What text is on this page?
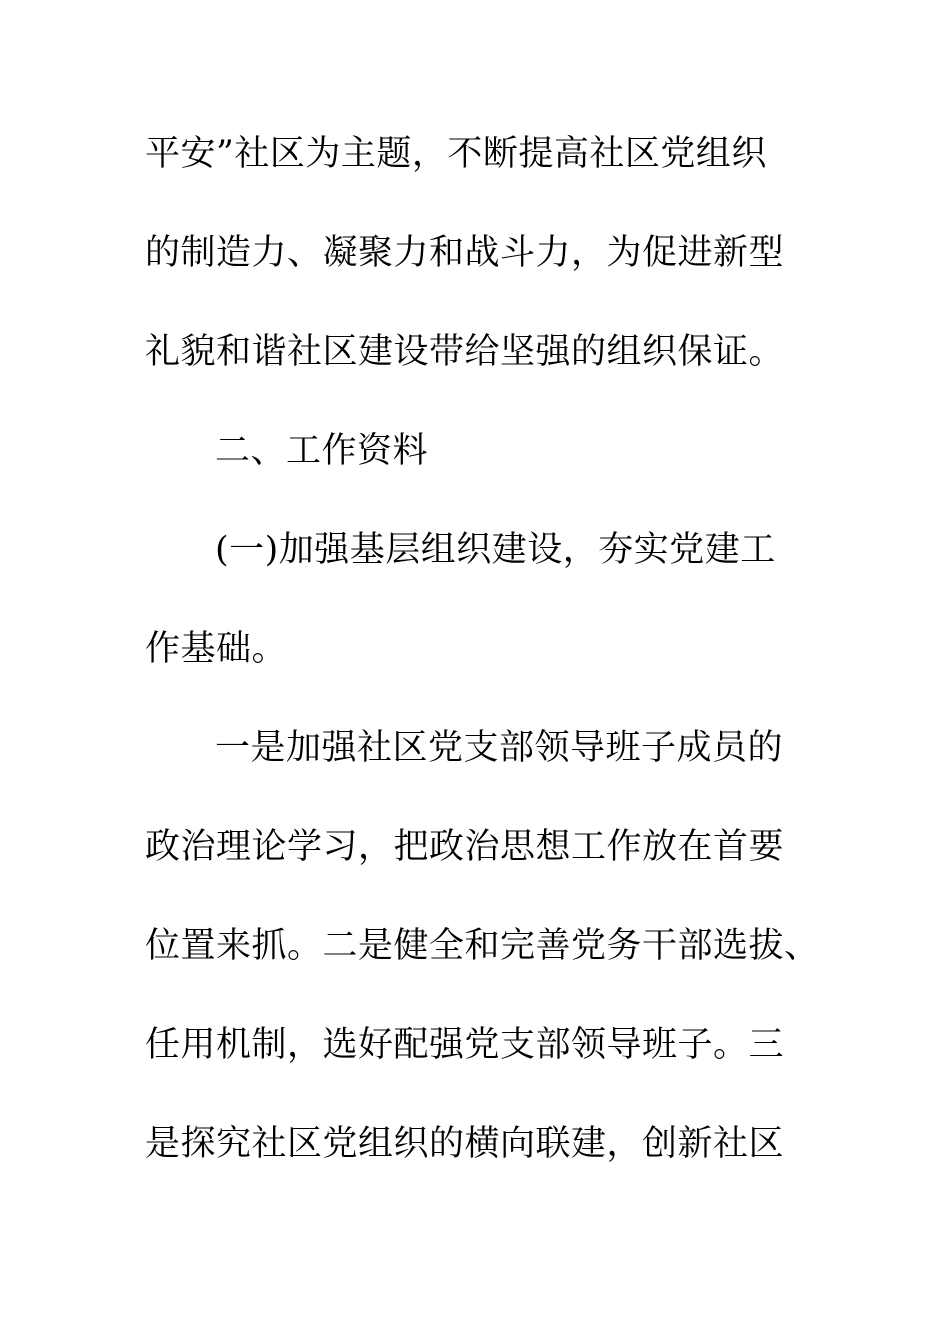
平安”社区为主题，不断提高社区党组织
的制造力、凝聚力和战斗力，为促进新型
礼貌和谐社区建设带给坚强的组织保证。
二、工作资料
(一)加强基层组织建设，夯实党建工
作基础。
一是加强社区党支部领导班子成员的
政治理论学习，把政治思想工作放在首要
位置来抓。二是健全和完善党务干部选拔、
任用机制，选好配强党支部领导班子。三
是探究社区党组织的横向联建，创新社区
